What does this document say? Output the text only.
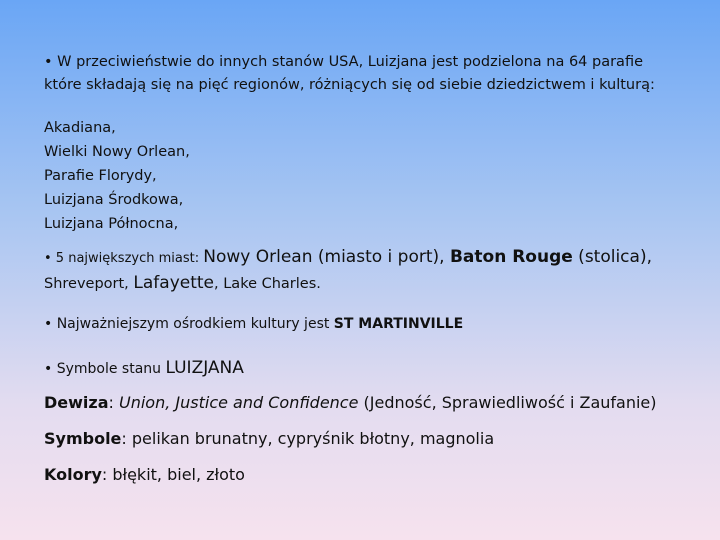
• W przeciwieństwie do innych stanów USA, Luizjana jest podzielona na 64 parafie
które składają się na pięć regionów, różniących się od siebie dziedzictwem i kulturą:
Akadiana,
Wielki Nowy Orlean,
Parafie Florydy,
Luizjana Środkowa,
Luizjana Północna,
• 5 największych miast: Nowy Orlean (miasto i port), Baton Rouge (stolica),
Shreveport, Lafayette, Lake Charles.
• Najważniejszym ośrodkiem kultury jest ST MARTINVILLE
• Symbole stanu LUIZJANA
Dewiza: Union, Justice and Confidence (Jedność, Sprawiedliwość i Zaufanie)
Symbole: pelikan brunatny, cypryśnik błotny, magnolia
Kolory: błękit, biel, złoto
